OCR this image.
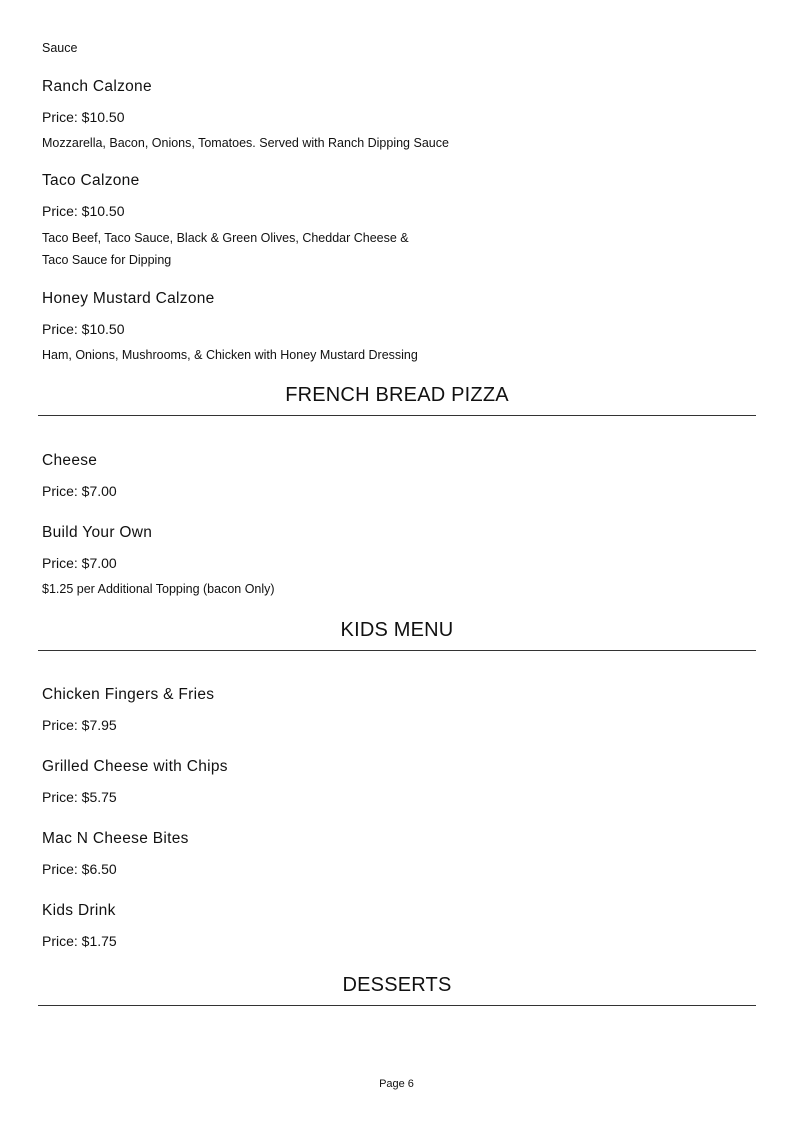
Sauce
Ranch Calzone
Price: $10.50
Mozzarella, Bacon, Onions, Tomatoes. Served with Ranch Dipping Sauce
Taco Calzone
Price: $10.50
Taco Beef, Taco Sauce, Black & Green Olives, Cheddar Cheese &
Taco Sauce for Dipping
Honey Mustard Calzone
Price: $10.50
Ham, Onions, Mushrooms, & Chicken with Honey Mustard Dressing
FRENCH BREAD PIZZA
Cheese
Price: $7.00
Build Your Own
Price: $7.00
$1.25 per Additional Topping (bacon Only)
KIDS MENU
Chicken Fingers & Fries
Price: $7.95
Grilled Cheese with Chips
Price: $5.75
Mac N Cheese Bites
Price: $6.50
Kids Drink
Price: $1.75
DESSERTS
Page 6
